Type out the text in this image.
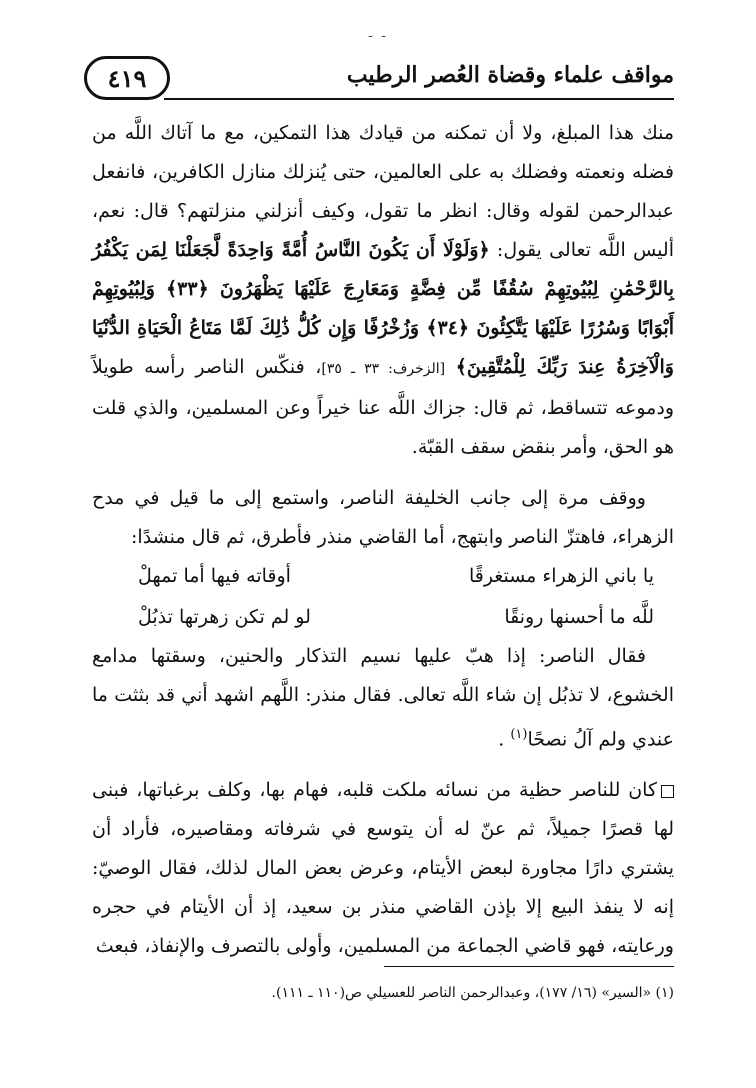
- -
مواقف علماء وقضاة العُصر الرطيب
٤١٩

منك هذا المبلغ، ولا أن تمكنه من قيادك هذا التمكين، مع ما آتاك اللَّه من فضله ونعمته وفضلك به على العالمين، حتى يُنزلك منازل الكافرين، فانفعل عبدالرحمن لقوله وقال: انظر ما تقول، وكيف أنزلني منزلتهم؟ قال: نعم، أليس اللَّه تعالى يقول: ﴿وَلَوْلَا أَن يَكُونَ النَّاسُ أُمَّةً وَاحِدَةً لَّجَعَلْنَا لِمَن يَكْفُرُ بِالرَّحْمَٰنِ لِبُيُوتِهِمْ سُقُفًا مِّن فِضَّةٍ وَمَعَارِجَ عَلَيْهَا يَظْهَرُونَ ﴿٣٣﴾ وَلِبُيُوتِهِمْ أَبْوَابًا وَسُرُرًا عَلَيْهَا يَتَّكِئُونَ ﴿٣٤﴾ وَزُخْرُفًا وَإِن كُلُّ ذَٰلِكَ لَمَّا مَتَاعُ الْحَيَاةِ الدُّنْيَا وَالْآخِرَةُ عِندَ رَبِّكَ لِلْمُتَّقِينَ﴾ [الزخرف: ٣٣ ـ ٣٥]، فنكّس الناصر رأسه طويلاً ودموعه تتساقط، ثم قال: جزاك اللَّه عنا خيراً وعن المسلمين، والذي قلت هو الحق، وأمر بنقض سقف القبّة.

ووقف مرة إلى جانب الخليفة الناصر، واستمع إلى ما قيل في مدح الزهراء، فاهتزّ الناصر وابتهج، أما القاضي منذر فأطرق، ثم قال منشدًا:

يا باني الزهراء مستغرقًا
أوقاته فيها أما تمهلْ
للَّه ما أحسنها رونقًا
لو لم تكن زهرتها تذبُلْ

فقال الناصر: إذا هبّ عليها نسيم التذكار والحنين، وسقتها مدامع الخشوع، لا تذبُل إن شاء اللَّه تعالى. فقال منذر: اللَّهم اشهد أني قد بثثت ما عندي ولم آلُ نصحًا$^{(١)}$ .

كان للناصر حظية من نسائه ملكت قلبه، فهام بها، وكلف برغباتها، فبنى لها قصرًا جميلاً، ثم عنّ له أن يتوسع في شرفاته ومقاصيره، فأراد أن يشتري دارًا مجاورة لبعض الأيتام، وعرض بعض المال لذلك، فقال الوصيّ: إنه لا ينفذ البيع إلا بإذن القاضي منذر بن سعيد، إذ أن الأيتام في حجره ورعايته، فهو قاضي الجماعة من المسلمين، وأولى بالتصرف والإنفاذ، فبعث

(١) «السير» (١٦/ ١٧٧)، وعبدالرحمن الناصر للعسيلي ص(١١٠ ـ ١١١).
